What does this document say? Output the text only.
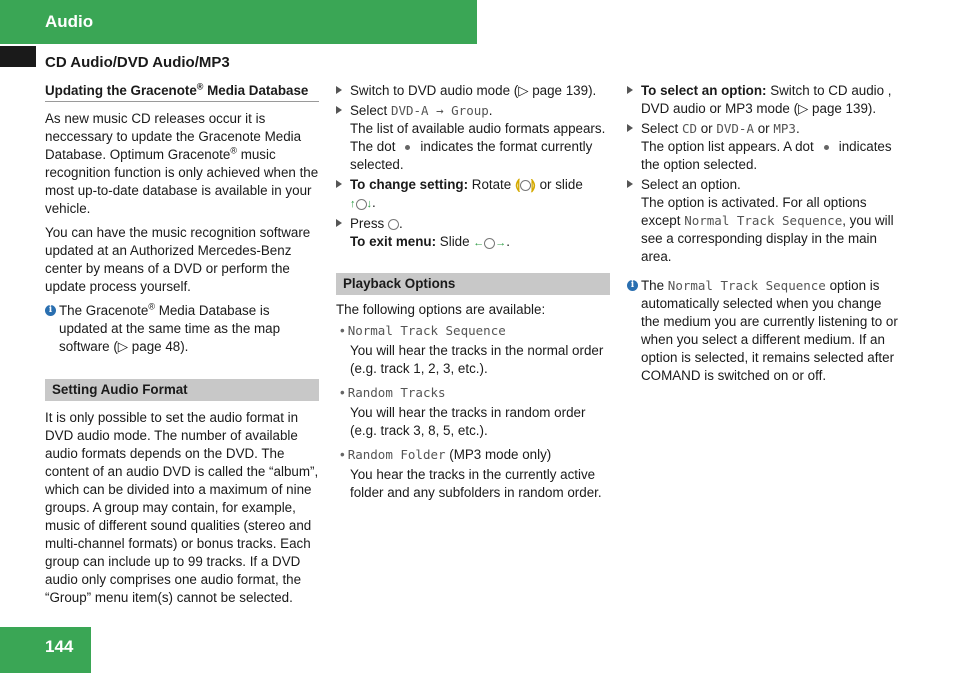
Audio
CD Audio/DVD Audio/MP3
Updating the Gracenote® Media Database

As new music CD releases occur it is neccessary to update the Gracenote Media Database. Optimum Gracenote® music recognition function is only achieved when the most up-to-date database is available in your vehicle.

You can have the music recognition software updated at an Authorized Mercedes-Benz center by means of a DVD or perform the update process yourself.

i The Gracenote® Media Database is updated at the same time as the map software (▷ page 48).
Setting Audio Format

It is only possible to set the audio format in DVD audio mode. The number of available audio formats depends on the DVD. The content of an audio DVD is called the “album”, which can be divided into a maximum of nine groups. A group may contain, for example, music of different sound qualities (stereo and multi-channel formats) or bonus tracks. Each group can include up to 99 tracks. If a DVD audio only comprises one audio format, the “Group” menu item(s) cannot be selected.

Switch to DVD audio mode (▷ page 139).
Select DVD-A → Group.
The list of available audio formats appears. The dot indicates the format currently selected.
To change setting: Rotate ⟬ ⟭ or slide
↑ ↓.
Press .
To exit menu: Slide ← →.
Playback Options

The following options are available:

• Normal Track Sequence
You will hear the tracks in the normal order (e.g. track 1, 2, 3, etc.).
• Random Tracks
You will hear the tracks in random order (e.g. track 3, 8, 5, etc.).
• Random Folder (MP3 mode only)
You hear the tracks in the currently active folder and any subfolders in random order.
To select an option: Switch to CD audio , DVD audio or MP3 mode (▷ page 139).
Select CD or DVD-A or MP3.
The option list appears. A dot indicates the option selected.
Select an option.
The option is activated. For all options except Normal Track Sequence, you will see a corresponding display in the main area.
i The Normal Track Sequence option is automatically selected when you change the medium you are currently listening to or when you select a different medium. If an option is selected, it remains selected after COMAND is switched on or off.
144
